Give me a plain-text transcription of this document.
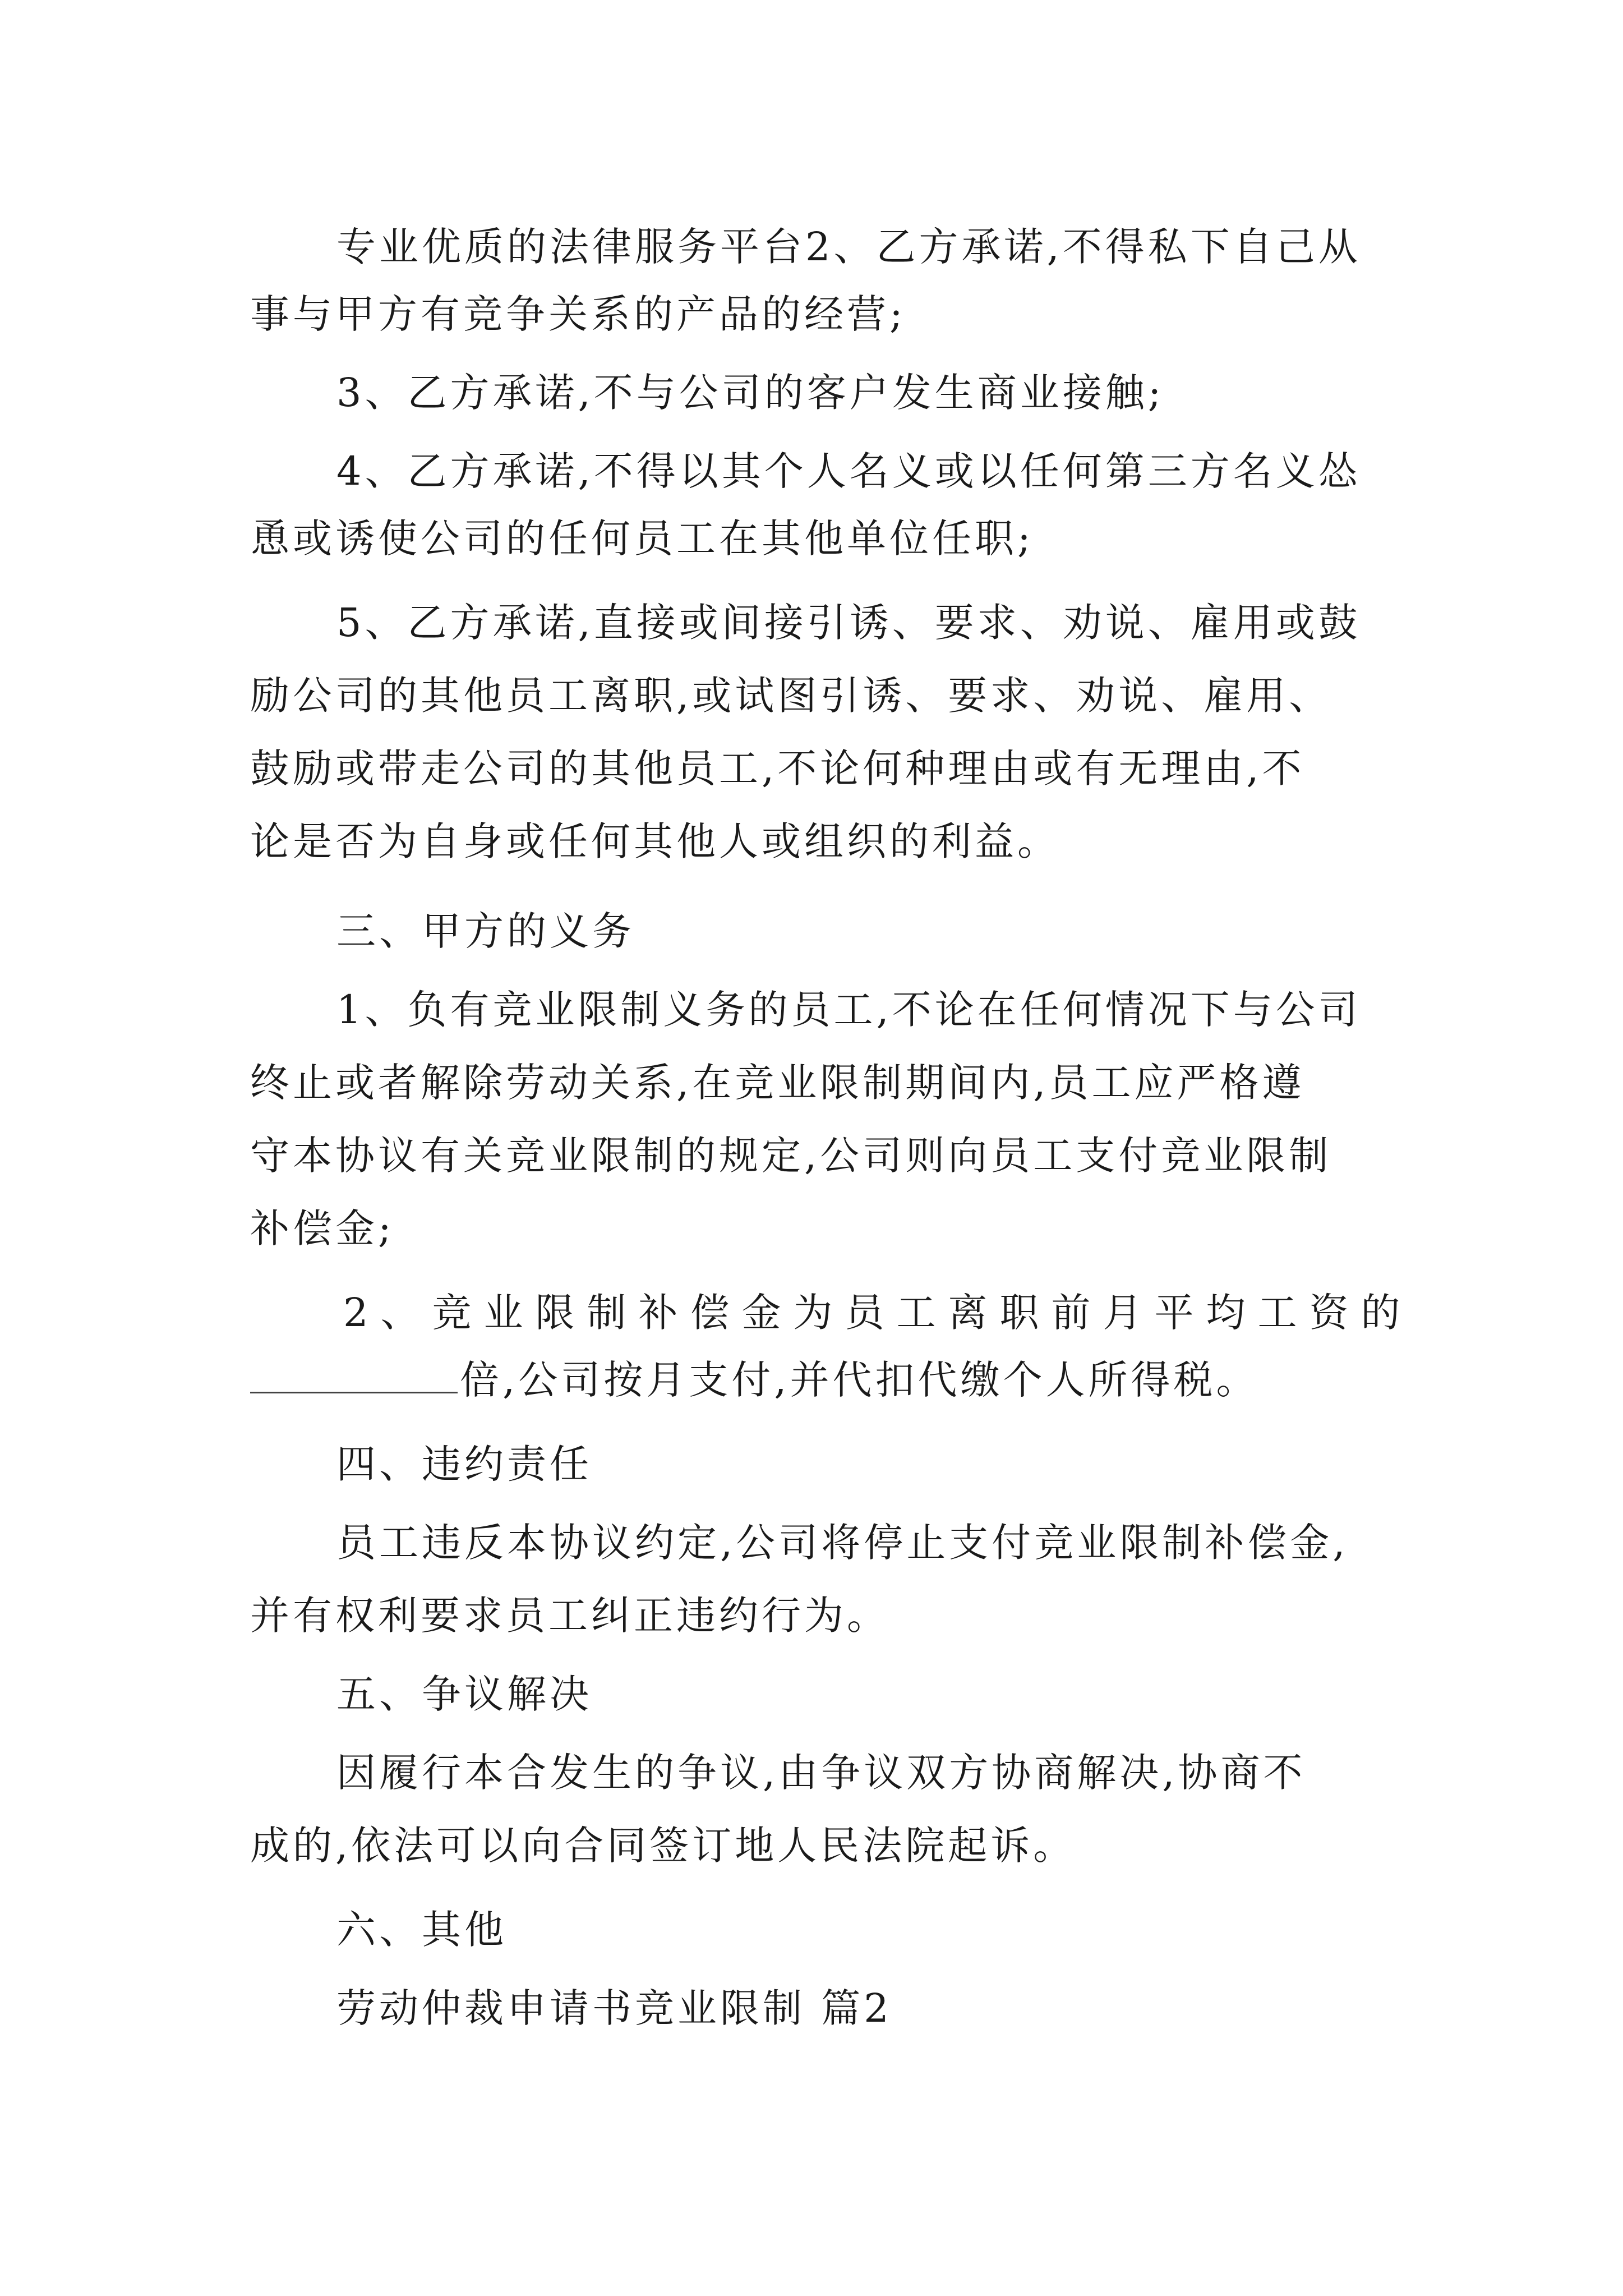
专业优质的法律服务平台2、乙方承诺,不得私下自己从
事与甲方有竞争关系的产品的经营;
3、乙方承诺,不与公司的客户发生商业接触;
4、乙方承诺,不得以其个人名义或以任何第三方名义怂
恿或诱使公司的任何员工在其他单位任职;
5、乙方承诺,直接或间接引诱、要求、劝说、雇用或鼓
励公司的其他员工离职,或试图引诱、要求、劝说、雇用、
鼓励或带走公司的其他员工,不论何种理由或有无理由,不
论是否为自身或任何其他人或组织的利益。
三、甲方的义务
1、负有竞业限制义务的员工,不论在任何情况下与公司
终止或者解除劳动关系,在竞业限制期间内,员工应严格遵
守本协议有关竞业限制的规定,公司则向员工支付竞业限制
补偿金;
2、竞业限制补偿金为员工离职前月平均工资的
倍,公司按月支付,并代扣代缴个人所得税。
四、违约责任
员工违反本协议约定,公司将停止支付竞业限制补偿金,
并有权利要求员工纠正违约行为。
五、争议解决
因履行本合发生的争议,由争议双方协商解决,协商不
成的,依法可以向合同签订地人民法院起诉。
六、其他
劳动仲裁申请书竞业限制 篇2
